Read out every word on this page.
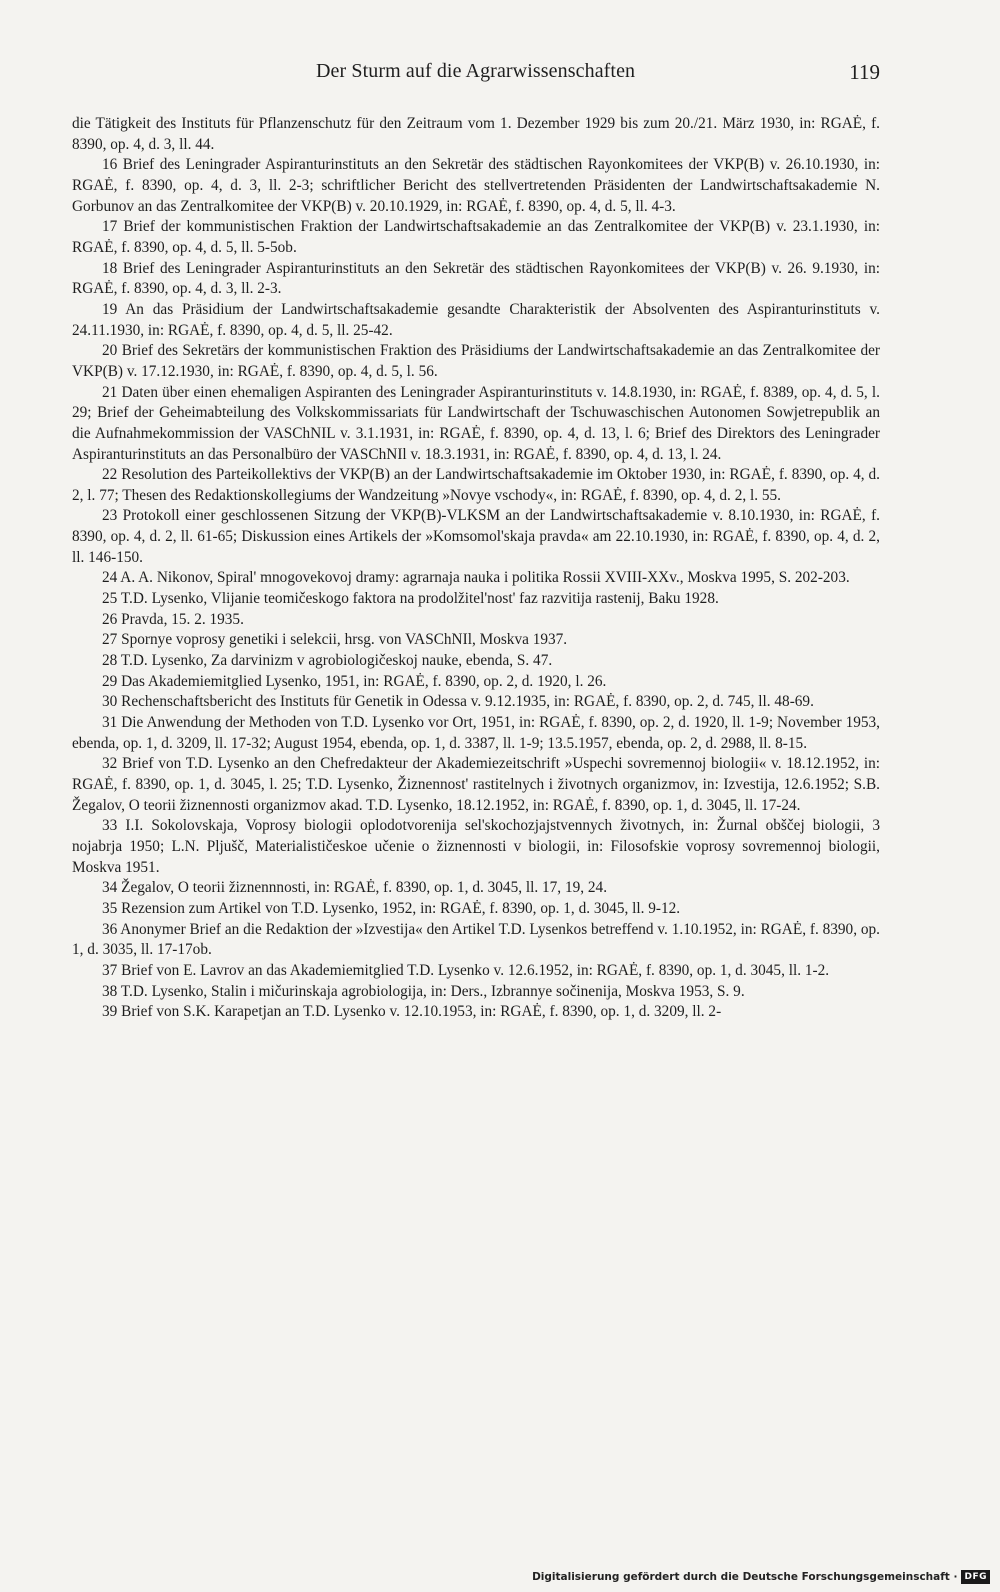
Der Sturm auf die Agrarwissenschaften	119

die Tätigkeit des Instituts für Pflanzenschutz für den Zeitraum vom 1. Dezember 1929 bis zum 20./21. März 1930, in: RGAĖ, f. 8390, op. 4, d. 3, ll. 44.

16 Brief des Leningrader Aspiranturinstituts an den Sekretär des städtischen Rayonkomitees der VKP(B) v. 26.10.1930, in: RGAĖ, f. 8390, op. 4, d. 3, ll. 2-3; schriftlicher Bericht des stellvertretenden Präsidenten der Landwirtschaftsakademie N. Gorbunov an das Zentralkomitee der VKP(B) v. 20.10.1929, in: RGAĖ, f. 8390, op. 4, d. 5, ll. 4-3.

17 Brief der kommunistischen Fraktion der Landwirtschaftsakademie an das Zentralkomitee der VKP(B) v. 23.1.1930, in: RGAĖ, f. 8390, op. 4, d. 5, ll. 5-5ob.

18 Brief des Leningrader Aspiranturinstituts an den Sekretär des städtischen Rayonkomitees der VKP(B) v. 26. 9.1930, in: RGAĖ, f. 8390, op. 4, d. 3, ll. 2-3.

19 An das Präsidium der Landwirtschaftsakademie gesandte Charakteristik der Absolventen des Aspiranturinstituts v. 24.11.1930, in: RGAĖ, f. 8390, op. 4, d. 5, ll. 25-42.

20 Brief des Sekretärs der kommunistischen Fraktion des Präsidiums der Landwirtschaftsakademie an das Zentralkomitee der VKP(B) v. 17.12.1930, in: RGAĖ, f. 8390, op. 4, d. 5, l. 56.

21 Daten über einen ehemaligen Aspiranten des Leningrader Aspiranturinstituts v. 14.8.1930, in: RGAĖ, f. 8389, op. 4, d. 5, l. 29; Brief der Geheimabteilung des Volkskommissariats für Landwirtschaft der Tschuwaschischen Autonomen Sowjetrepublik an die Aufnahmekommission der VASChNIL v. 3.1.1931, in: RGAĖ, f. 8390, op. 4, d. 13, l. 6; Brief des Direktors des Leningrader Aspiranturinstituts an das Personalbüro der VASChNIl v. 18.3.1931, in: RGAĖ, f. 8390, op. 4, d. 13, l. 24.

22 Resolution des Parteikollektivs der VKP(B) an der Landwirtschaftsakademie im Oktober 1930, in: RGAĖ, f. 8390, op. 4, d. 2, l. 77; Thesen des Redaktionskollegiums der Wandzeitung »Novye vschody«, in: RGAĖ, f. 8390, op. 4, d. 2, l. 55.

23 Protokoll einer geschlossenen Sitzung der VKP(B)-VLKSM an der Landwirtschaftsakademie v. 8.10.1930, in: RGAĖ, f. 8390, op. 4, d. 2, ll. 61-65; Diskussion eines Artikels der »Komsomol'skaja pravda« am 22.10.1930, in: RGAĖ, f. 8390, op. 4, d. 2, ll. 146-150.

24 A. A. Nikonov, Spiral' mnogovekovoj dramy: agrarnaja nauka i politika Rossii XVIII-XXv., Moskva 1995, S. 202-203.

25 T.D. Lysenko, Vlijanie teomičeskogo faktora na prodolžitel'nost' faz razvitija rastenij, Baku 1928.

26 Pravda, 15. 2. 1935.

27 Spornye voprosy genetiki i selekcii, hrsg. von VASChNIl, Moskva 1937.

28 T.D. Lysenko, Za darvinizm v agrobiologičeskoj nauke, ebenda, S. 47.

29 Das Akademiemitglied Lysenko, 1951, in: RGAĖ, f. 8390, op. 2, d. 1920, l. 26.

30 Rechenschaftsbericht des Instituts für Genetik in Odessa v. 9.12.1935, in: RGAĖ, f. 8390, op. 2, d. 745, ll. 48-69.

31 Die Anwendung der Methoden von T.D. Lysenko vor Ort, 1951, in: RGAĖ, f. 8390, op. 2, d. 1920, ll. 1-9; November 1953, ebenda, op. 1, d. 3209, ll. 17-32; August 1954, ebenda, op. 1, d. 3387, ll. 1-9; 13.5.1957, ebenda, op. 2, d. 2988, ll. 8-15.

32 Brief von T.D. Lysenko an den Chefredakteur der Akademiezeitschrift »Uspechi sovremennoj biologii« v. 18.12.1952, in: RGAĖ, f. 8390, op. 1, d. 3045, l. 25; T.D. Lysenko, Žiznennost' rastitelnych i životnych organizmov, in: Izvestija, 12.6.1952; S.B. Žegalov, O teorii žiznennosti organizmov akad. T.D. Lysenko, 18.12.1952, in: RGAĖ, f. 8390, op. 1, d. 3045, ll. 17-24.

33 I.I. Sokolovskaja, Voprosy biologii oplodotvorenija sel'skochozjajstvennych životnych, in: Žurnal obščej biologii, 3 nojabrja 1950; L.N. Pljušč, Materialističeskoe učenie o žiznennosti v biologii, in: Filosofskie voprosy sovremennoj biologii, Moskva 1951.

34 Žegalov, O teorii žiznennnosti, in: RGAĖ, f. 8390, op. 1, d. 3045, ll. 17, 19, 24.

35 Rezension zum Artikel von T.D. Lysenko, 1952, in: RGAĖ, f. 8390, op. 1, d. 3045, ll. 9-12.

36 Anonymer Brief an die Redaktion der »Izvestija« den Artikel T.D. Lysenkos betreffend v. 1.10.1952, in: RGAĖ, f. 8390, op. 1, d. 3035, ll. 17-17ob.

37 Brief von E. Lavrov an das Akademiemitglied T.D. Lysenko v. 12.6.1952, in: RGAĖ, f. 8390, op. 1, d. 3045, ll. 1-2.

38 T.D. Lysenko, Stalin i mičurinskaja agrobiologija, in: Ders., Izbrannye sočinenija, Moskva 1953, S. 9.

39 Brief von S.K. Karapetjan an T.D. Lysenko v. 12.10.1953, in: RGAĖ, f. 8390, op. 1, d. 3209, ll. 2-

Digitalisierung gefördert durch die Deutsche Forschungsgemeinschaft · DFG
